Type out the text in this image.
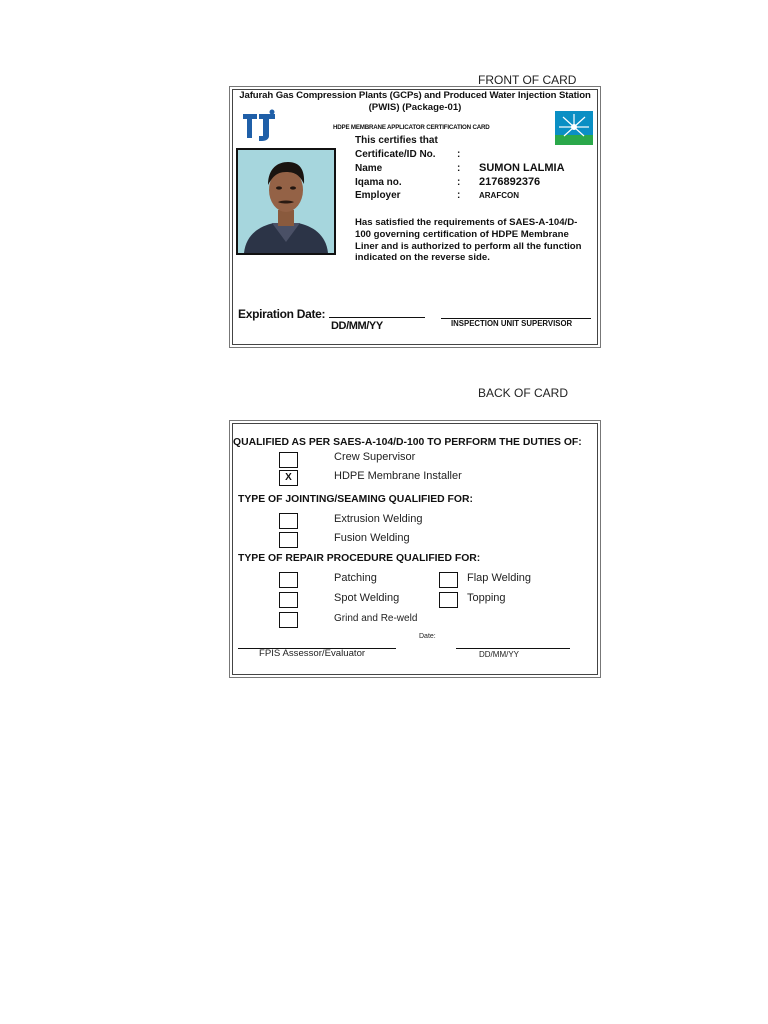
FRONT OF CARD
BACK OF CARD
Jafurah Gas Compression Plants (GCPs) and Produced Water Injection Station
(PWIS) (Package-01)
HDPE MEMBRANE APPLICATOR CERTIFICATION CARD
This certifies that
Certificate/ID No. :
Name	: SUMON LALMIA
Iqama no.	: 2176892376
Employer	: ARAFCON
Has satisfied the requirements of SAES-A-104/D-100 governing certification of HDPE Membrane Liner and is authorized to perform all the function indicated on the reverse side.
Expiration Date:
DD/MM/YY	INSPECTION UNIT SUPERVISOR
QUALIFIED AS PER SAES-A-104/D-100 TO PERFORM THE DUTIES OF:
Crew Supervisor
X	HDPE Membrane Installer
TYPE OF JOINTING/SEAMING QUALIFIED FOR:
Extrusion Welding
Fusion Welding
TYPE OF REPAIR PROCEDURE QUALIFIED FOR:
Patching	Flap Welding
Spot Welding	Topping
Grind and Re-weld
Date:
FPIS Assessor/Evaluator	DD/MM/YY
